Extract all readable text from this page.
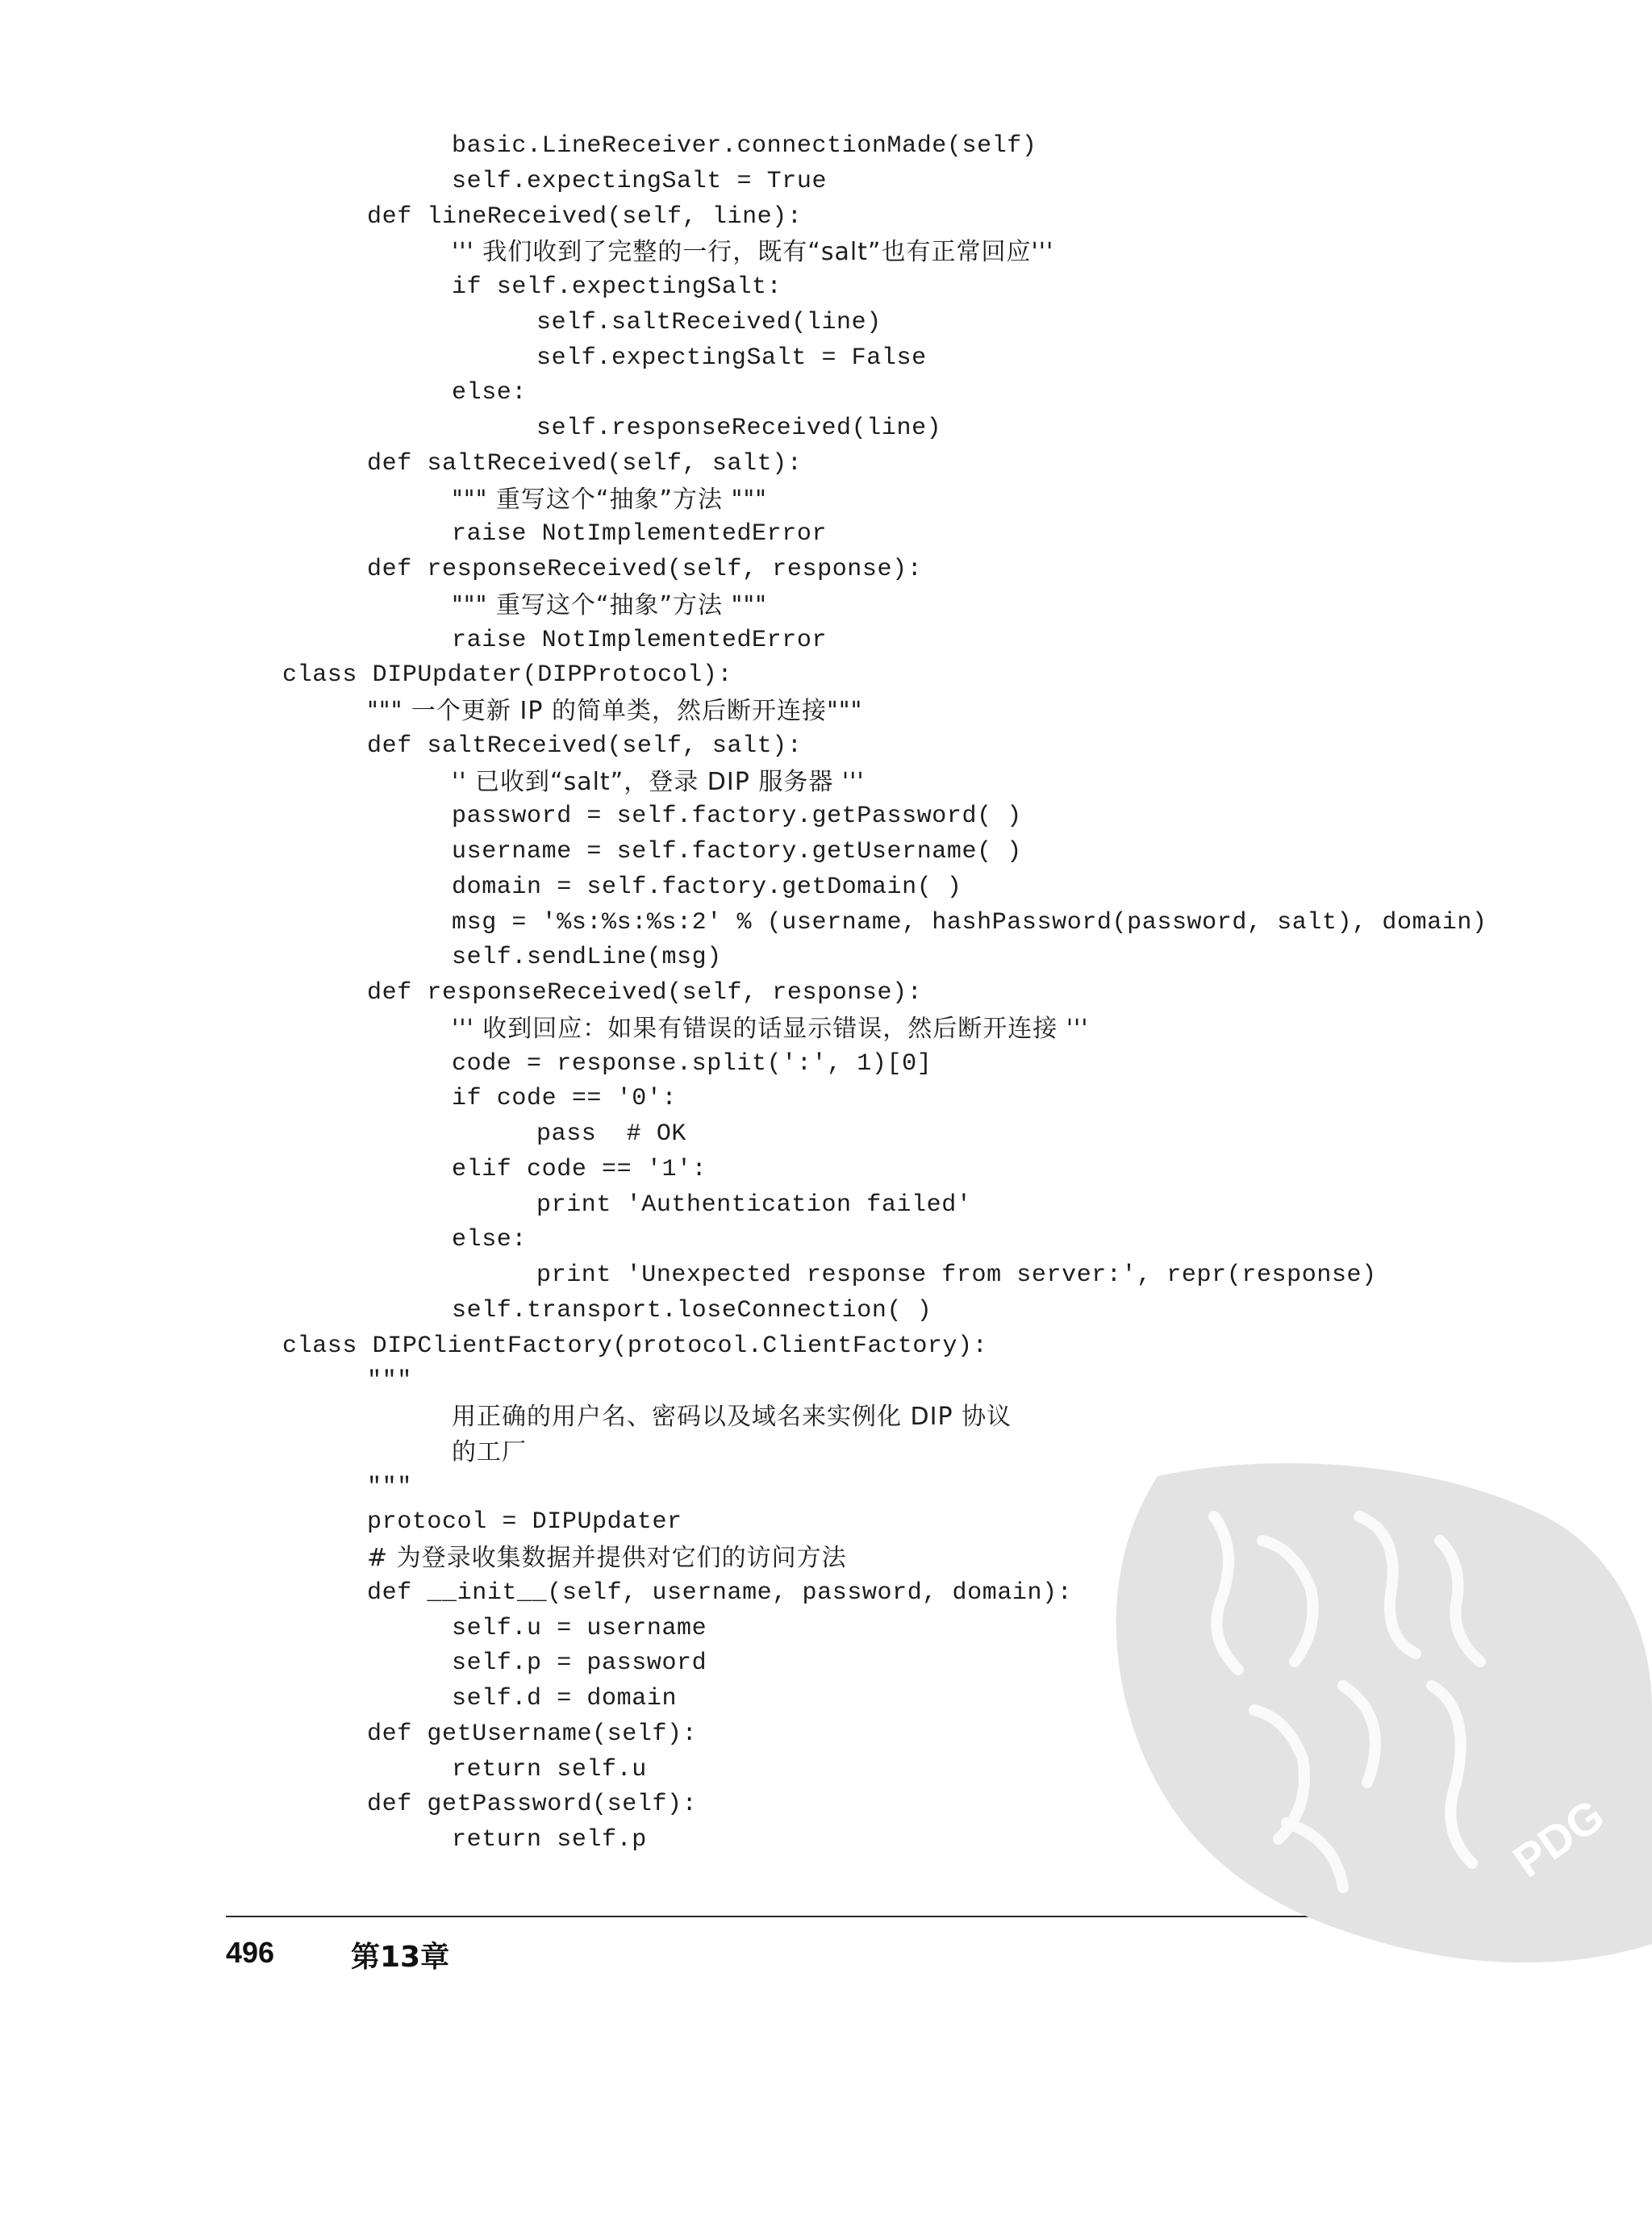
basic.LineReceiver.connectionMade(self)
self.expectingSalt = True
def lineReceived(self, line):
''' 我们收到了完整的一行，既有“salt”也有正常回应'''
if self.expectingSalt:
self.saltReceived(line)
self.expectingSalt = False
else:
self.responseReceived(line)
def saltReceived(self, salt):
""" 重写这个“抽象”方法 """
raise NotImplementedError
def responseReceived(self, response):
""" 重写这个“抽象”方法 """
raise NotImplementedError
class DIPUpdater(DIPProtocol):
""" 一个更新 IP 的简单类，然后断开连接"""
def saltReceived(self, salt):
'' 已收到“salt”，登录 DIP 服务器 '''
password = self.factory.getPassword( )
username = self.factory.getUsername( )
domain = self.factory.getDomain( )
msg = '%s:%s:%s:2' % (username, hashPassword(password, salt), domain)
self.sendLine(msg)
def responseReceived(self, response):
''' 收到回应：如果有错误的话显示错误，然后断开连接 '''
code = response.split(':', 1)[0]
if code == '0':
pass  # OK
elif code == '1':
print 'Authentication failed'
else:
print 'Unexpected response from server:', repr(response)
self.transport.loseConnection( )
class DIPClientFactory(protocol.ClientFactory):
"""
用正确的用户名、密码以及域名来实例化 DIP 协议
的工厂
"""
protocol = DIPUpdater
# 为登录收集数据并提供对它们的访问方法
def __init__(self, username, password, domain):
self.u = username
self.p = password
self.d = domain
def getUsername(self):
return self.u
def getPassword(self):
return self.p
496	第13章
PDG
